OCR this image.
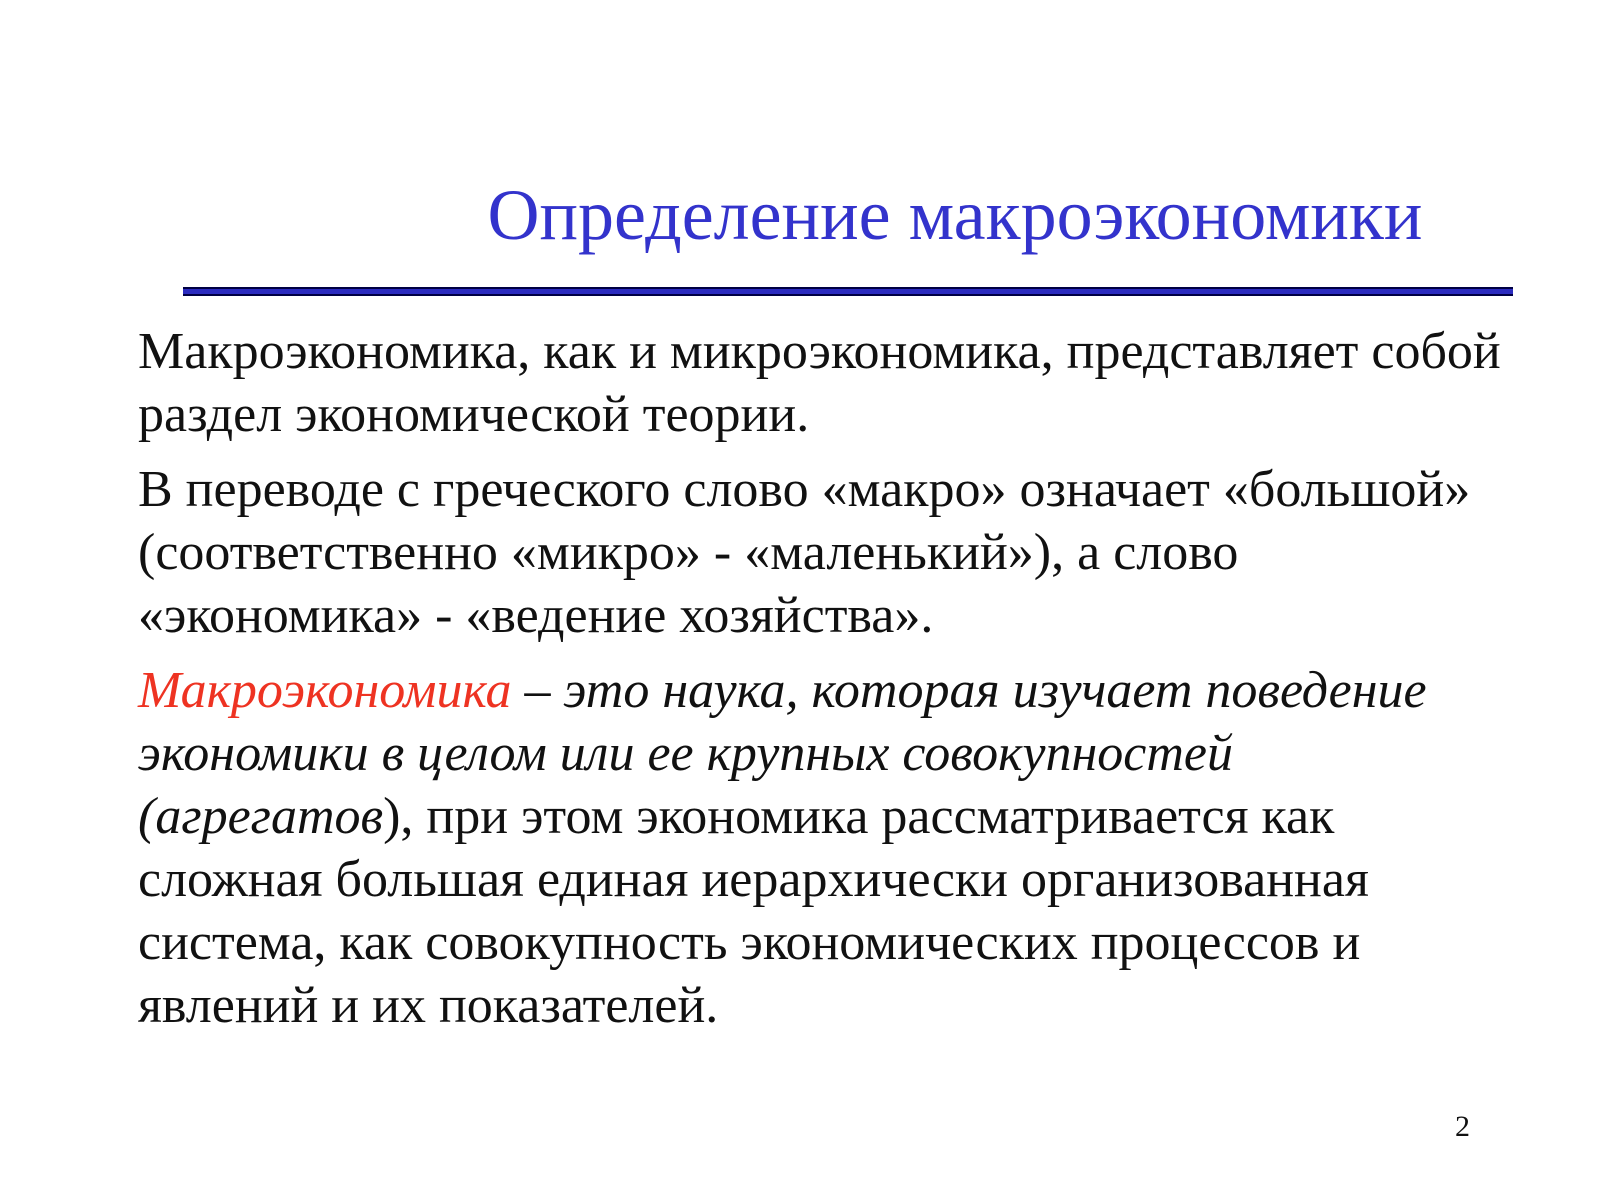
Определение макроэкономики

Макроэкономика, как и микроэкономика, представляет собой раздел экономической теории.

В переводе с греческого слово «макро» означает «большой» (соответственно «микро» - «маленький»), а слово «экономика» - «ведение хозяйства».

Макроэкономика – это наука, которая изучает поведение экономики в целом или ее крупных совокупностей (агрегатов), при этом экономика рассматривается как сложная большая единая иерархически организованная система, как совокупность экономических процессов и явлений и их показателей.

2
